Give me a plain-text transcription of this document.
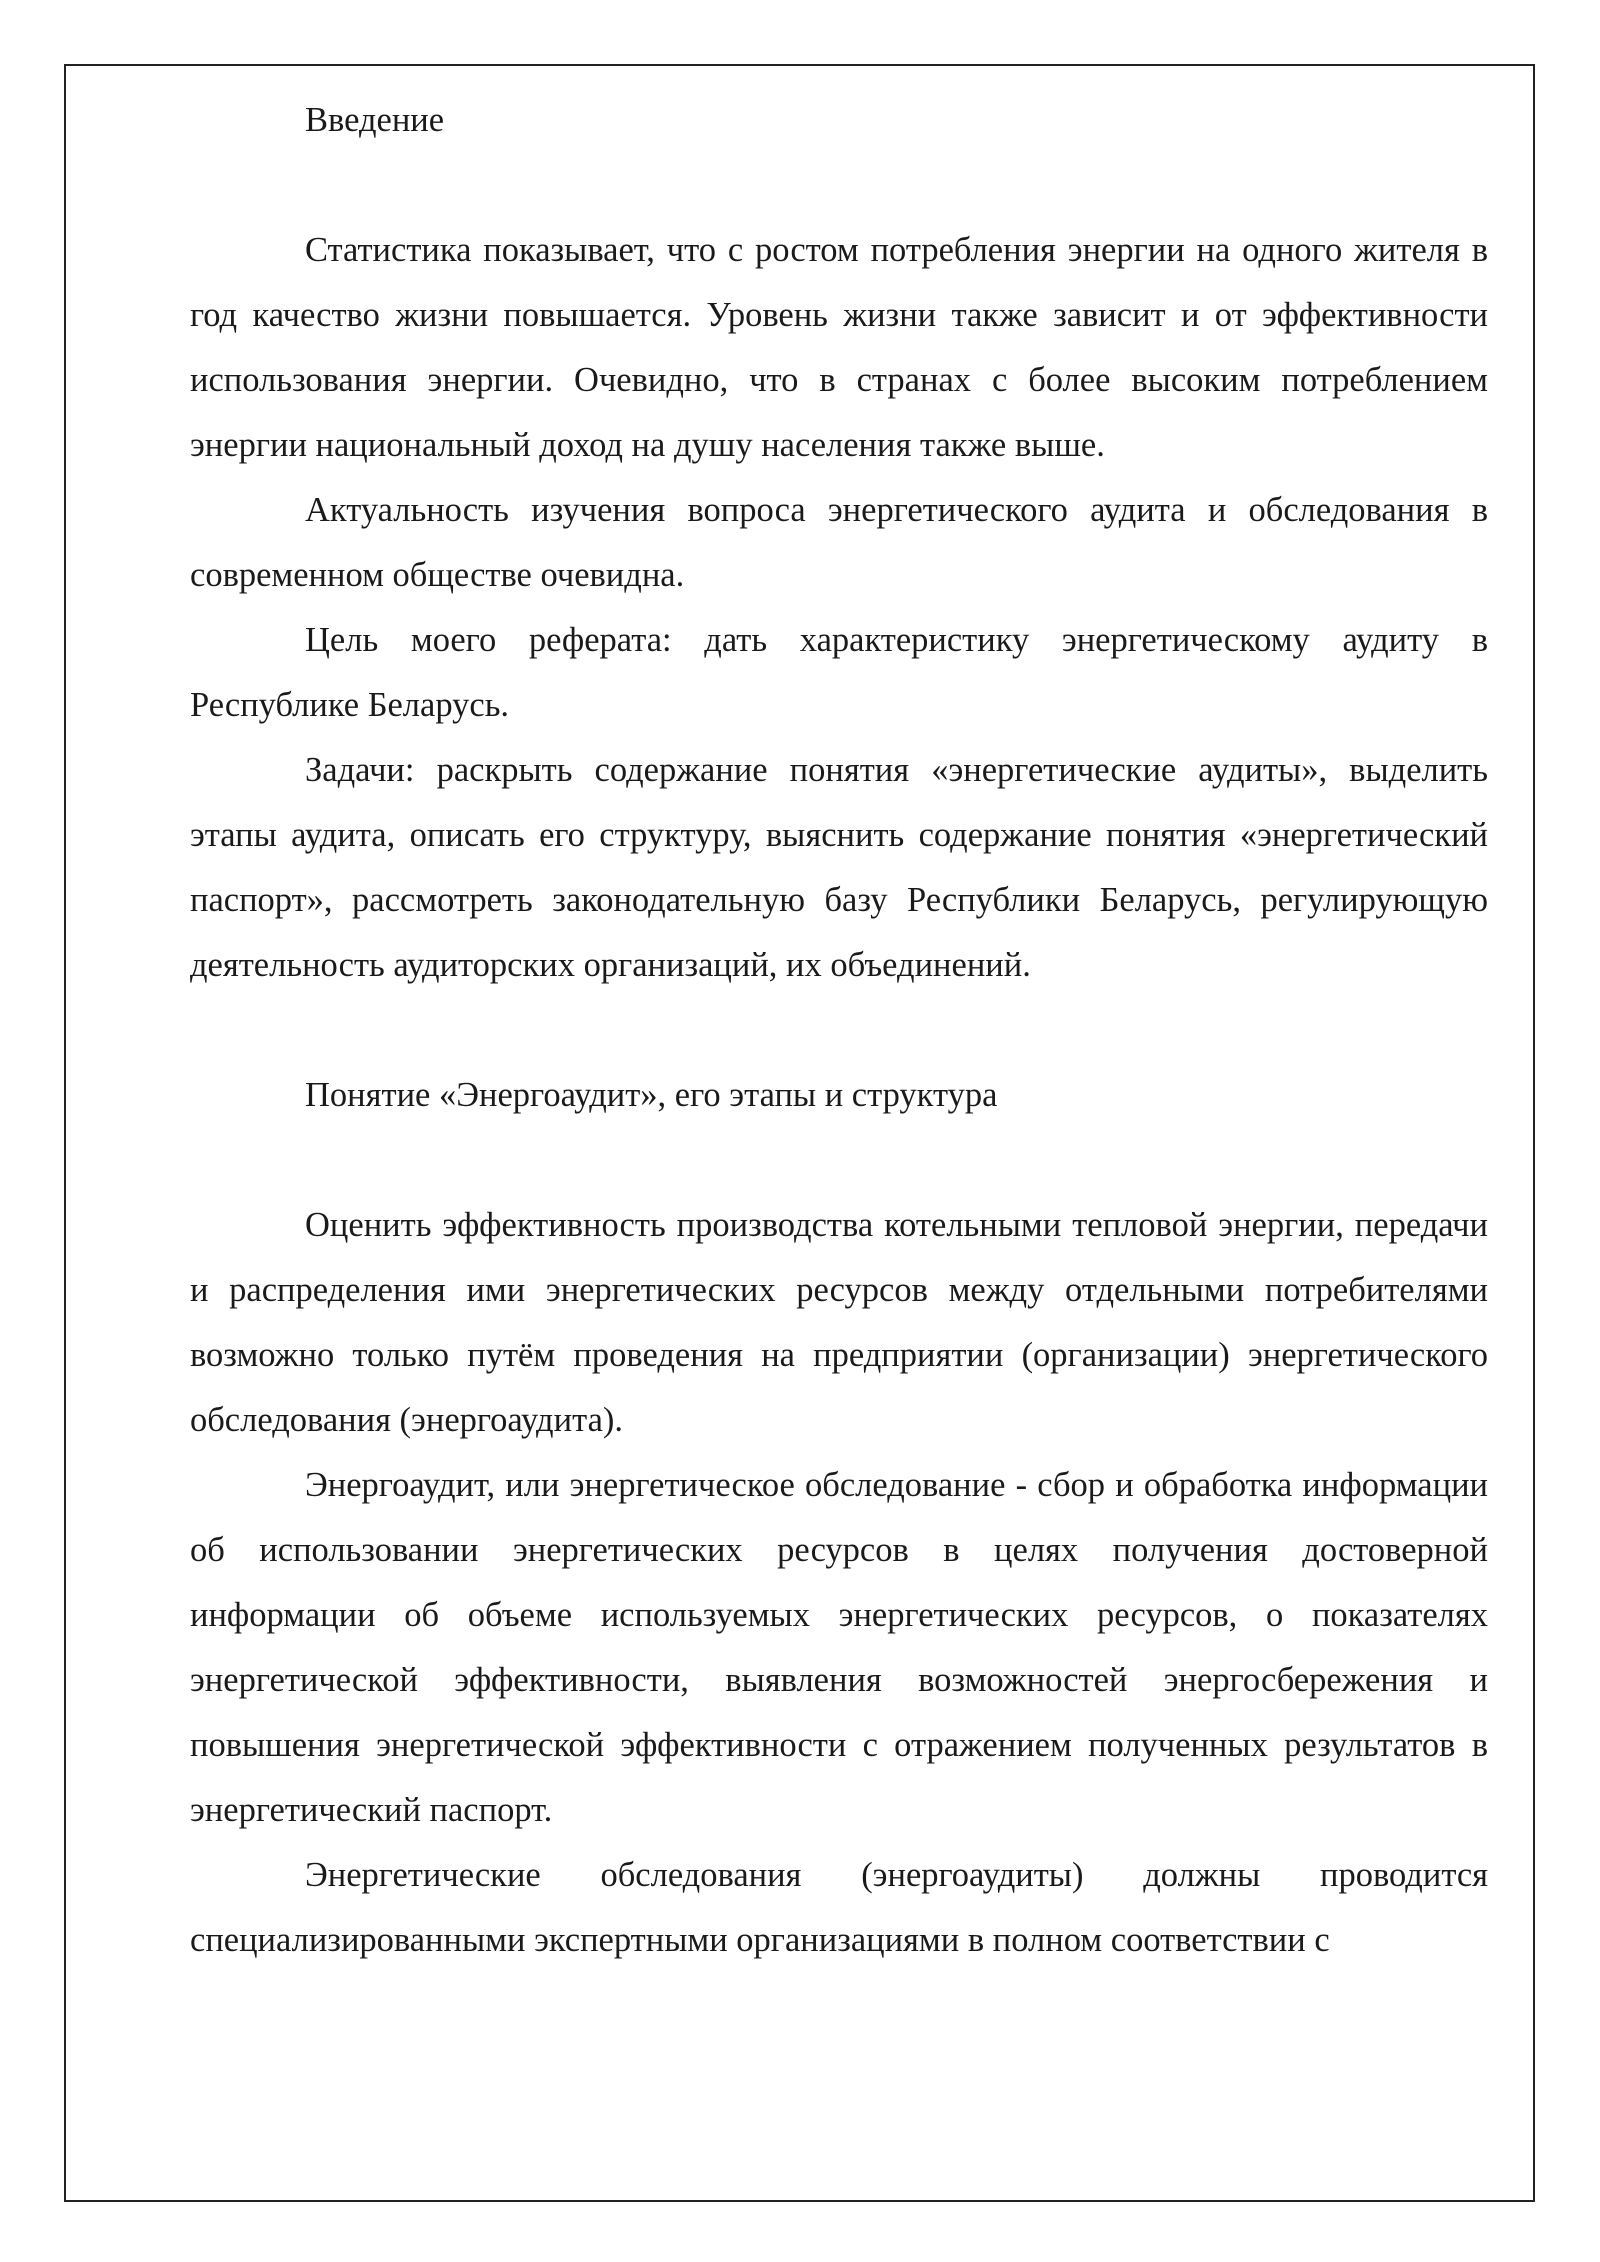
Введение

Статистика показывает, что с ростом потребления энергии на одного жителя в год качество жизни повышается. Уровень жизни также зависит и от эффективности использования энергии. Очевидно, что в странах с более высоким потреблением энергии национальный доход на душу населения также выше.

Актуальность изучения вопроса энергетического аудита и обследования в современном обществе очевидна.

Цель моего реферата: дать характеристику энергетическому аудиту в Республике Беларусь.

Задачи: раскрыть содержание понятия «энергетические аудиты», выделить этапы аудита, описать его структуру, выяснить содержание понятия «энергетический паспорт», рассмотреть законодательную базу Республики Беларусь, регулирующую деятельность аудиторских организаций, их объединений.

Понятие «Энергоаудит», его этапы и структура

Оценить эффективность производства котельными тепловой энергии, передачи и распределения ими энергетических ресурсов между отдельными потребителями возможно только путём проведения на предприятии (организации) энергетического обследования (энергоаудита).

Энергоаудит, или энергетическое обследование - сбор и обработка информации об использовании энергетических ресурсов в целях получения достоверной информации об объеме используемых энергетических ресурсов, о показателях энергетической эффективности, выявления возможностей энергосбережения и повышения энергетической эффективности с отражением полученных результатов в энергетический паспорт.

Энергетические обследования (энергоаудиты) должны проводится специализированными экспертными организациями в полном соответствии с
